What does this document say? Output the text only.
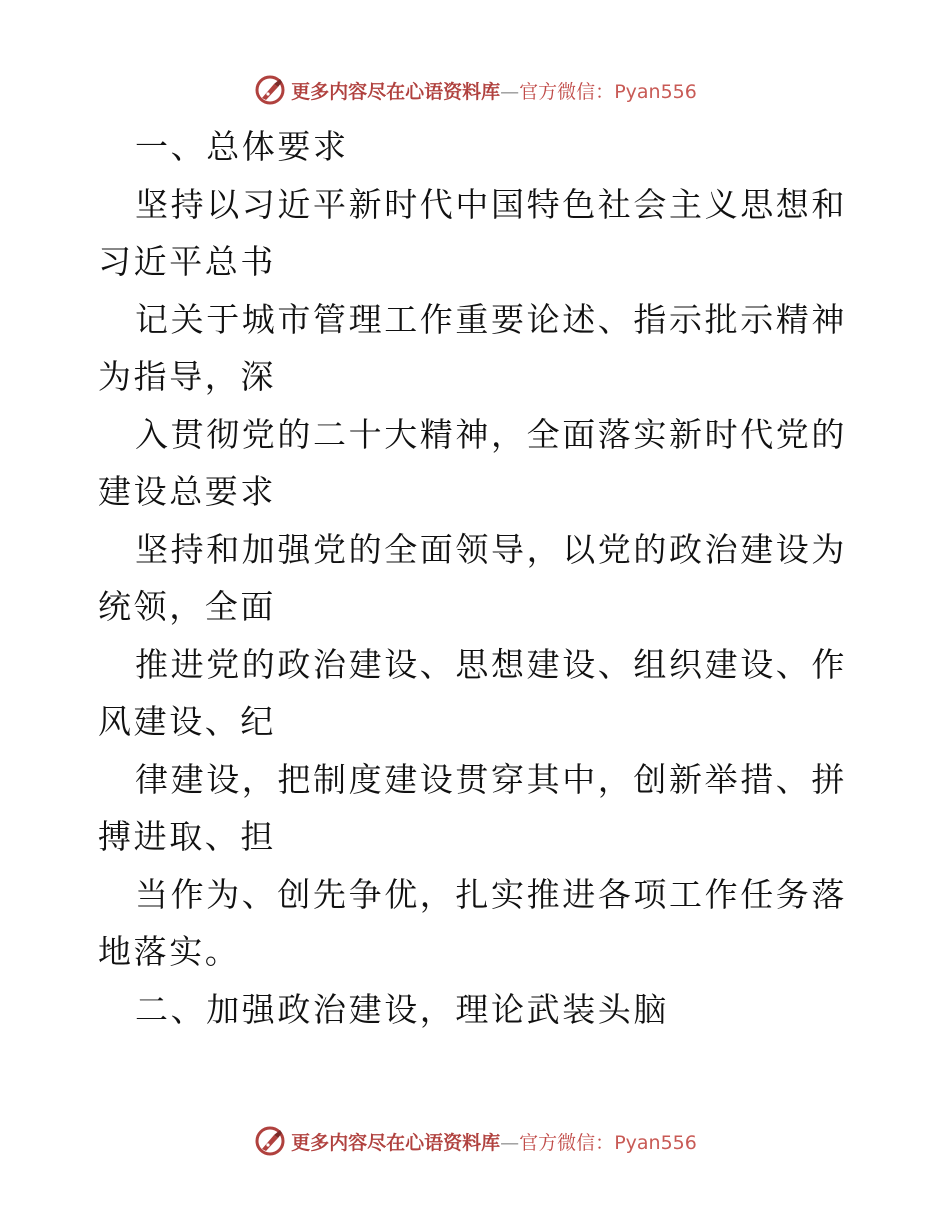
更多内容尽在心语资料库—官方微信：Pyan556

一、总体要求

坚持以习近平新时代中国特色社会主义思想和习近平总书

记关于城市管理工作重要论述、指示批示精神为指导，深

入贯彻党的二十大精神，全面落实新时代党的建设总要求

坚持和加强党的全面领导，以党的政治建设为统领，全面

推进党的政治建设、思想建设、组织建设、作风建设、纪

律建设，把制度建设贯穿其中，创新举措、拼搏进取、担

当作为、创先争优，扎实推进各项工作任务落地落实。

二、加强政治建设，理论武装头脑

更多内容尽在心语资料库—官方微信：Pyan556
